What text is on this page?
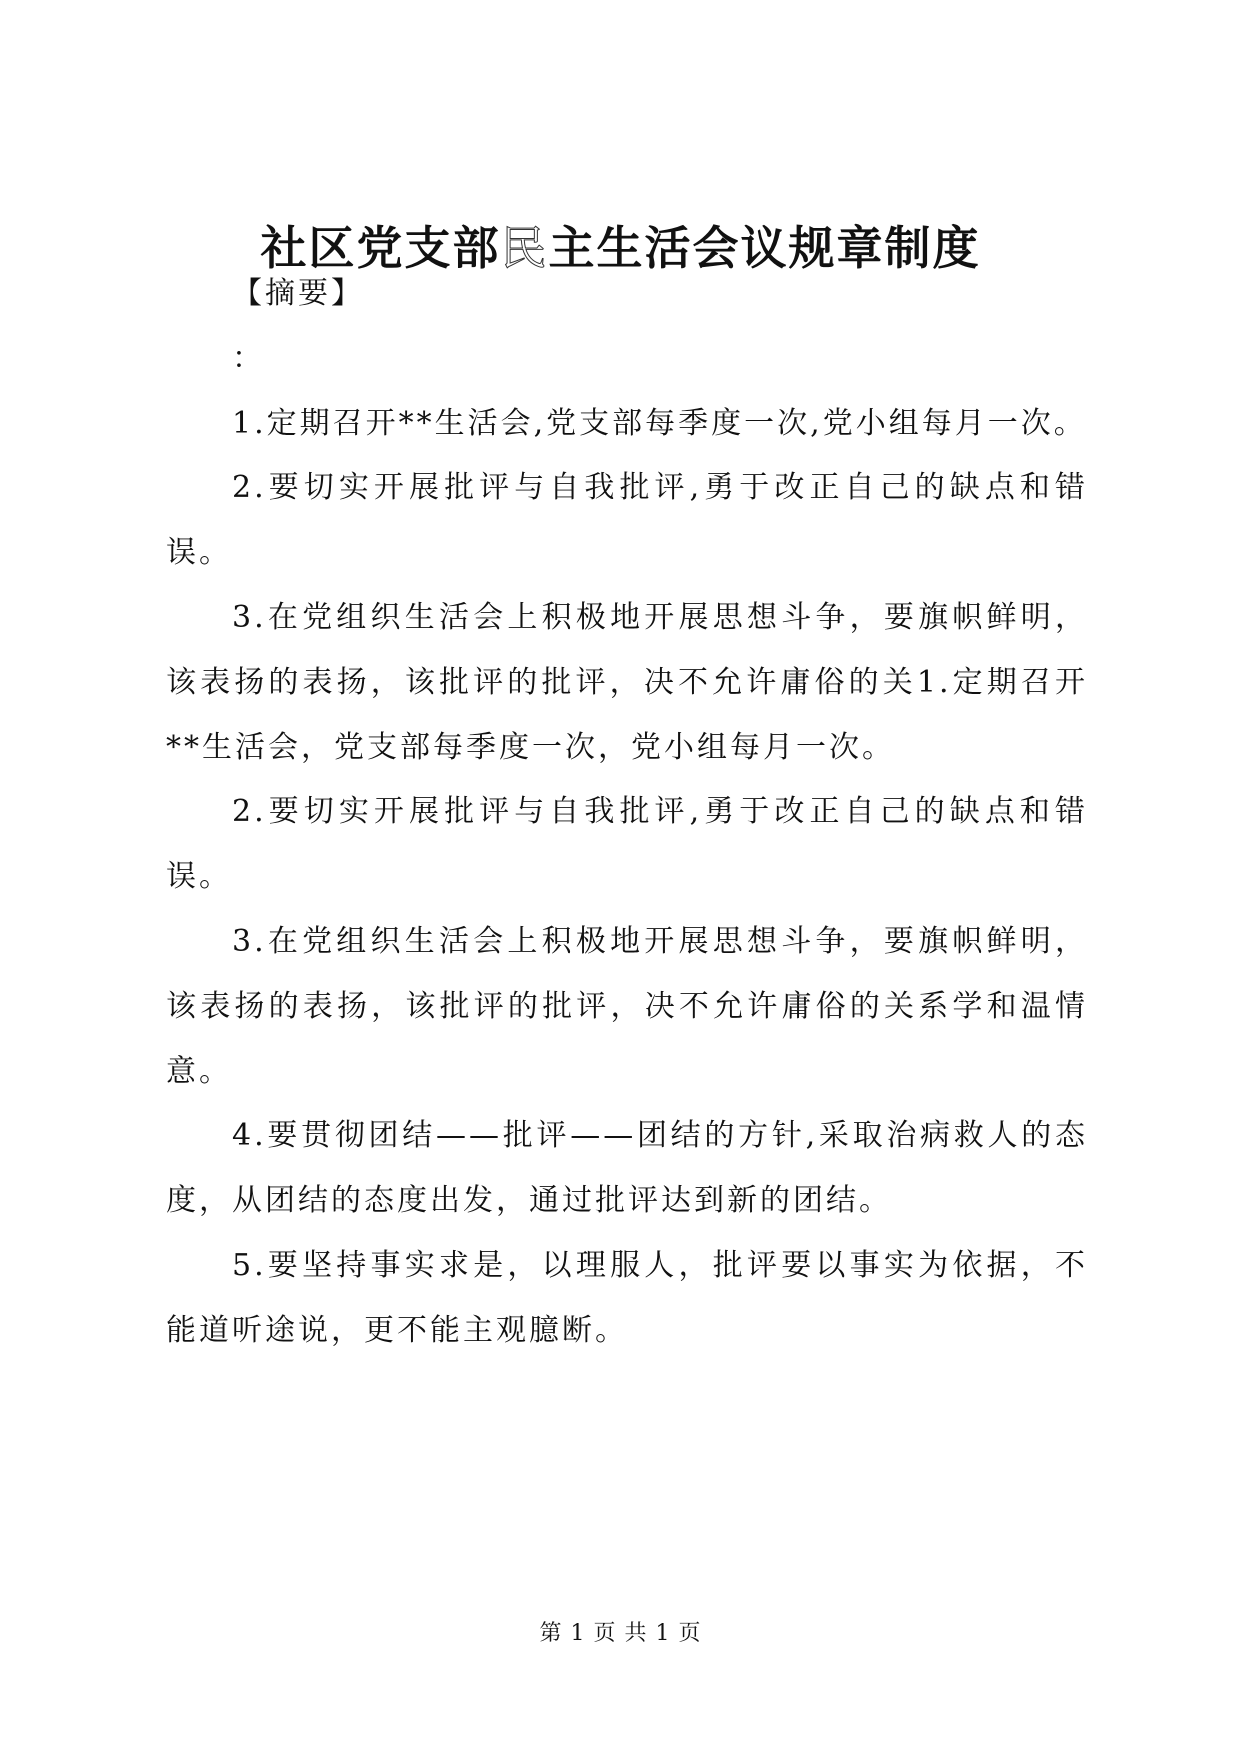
社区党支部民主生活会议规章制度

【摘要】

：

1.定期召开**生活会,党支部每季度一次,党小组每月一次。

2.要切实开展批评与自我批评,勇于改正自己的缺点和错误。

3.在党组织生活会上积极地开展思想斗争，要旗帜鲜明，该表扬的表扬，该批评的批评，决不允许庸俗的关1.定期召开**生活会，党支部每季度一次，党小组每月一次。

2.要切实开展批评与自我批评,勇于改正自己的缺点和错误。

3.在党组织生活会上积极地开展思想斗争，要旗帜鲜明，该表扬的表扬，该批评的批评，决不允许庸俗的关系学和温情意。

4.要贯彻团结——批评——团结的方针,采取治病救人的态度，从团结的态度出发，通过批评达到新的团结。

5.要坚持事实求是，以理服人，批评要以事实为依据，不能道听途说，更不能主观臆断。

第 1 页 共 1 页
